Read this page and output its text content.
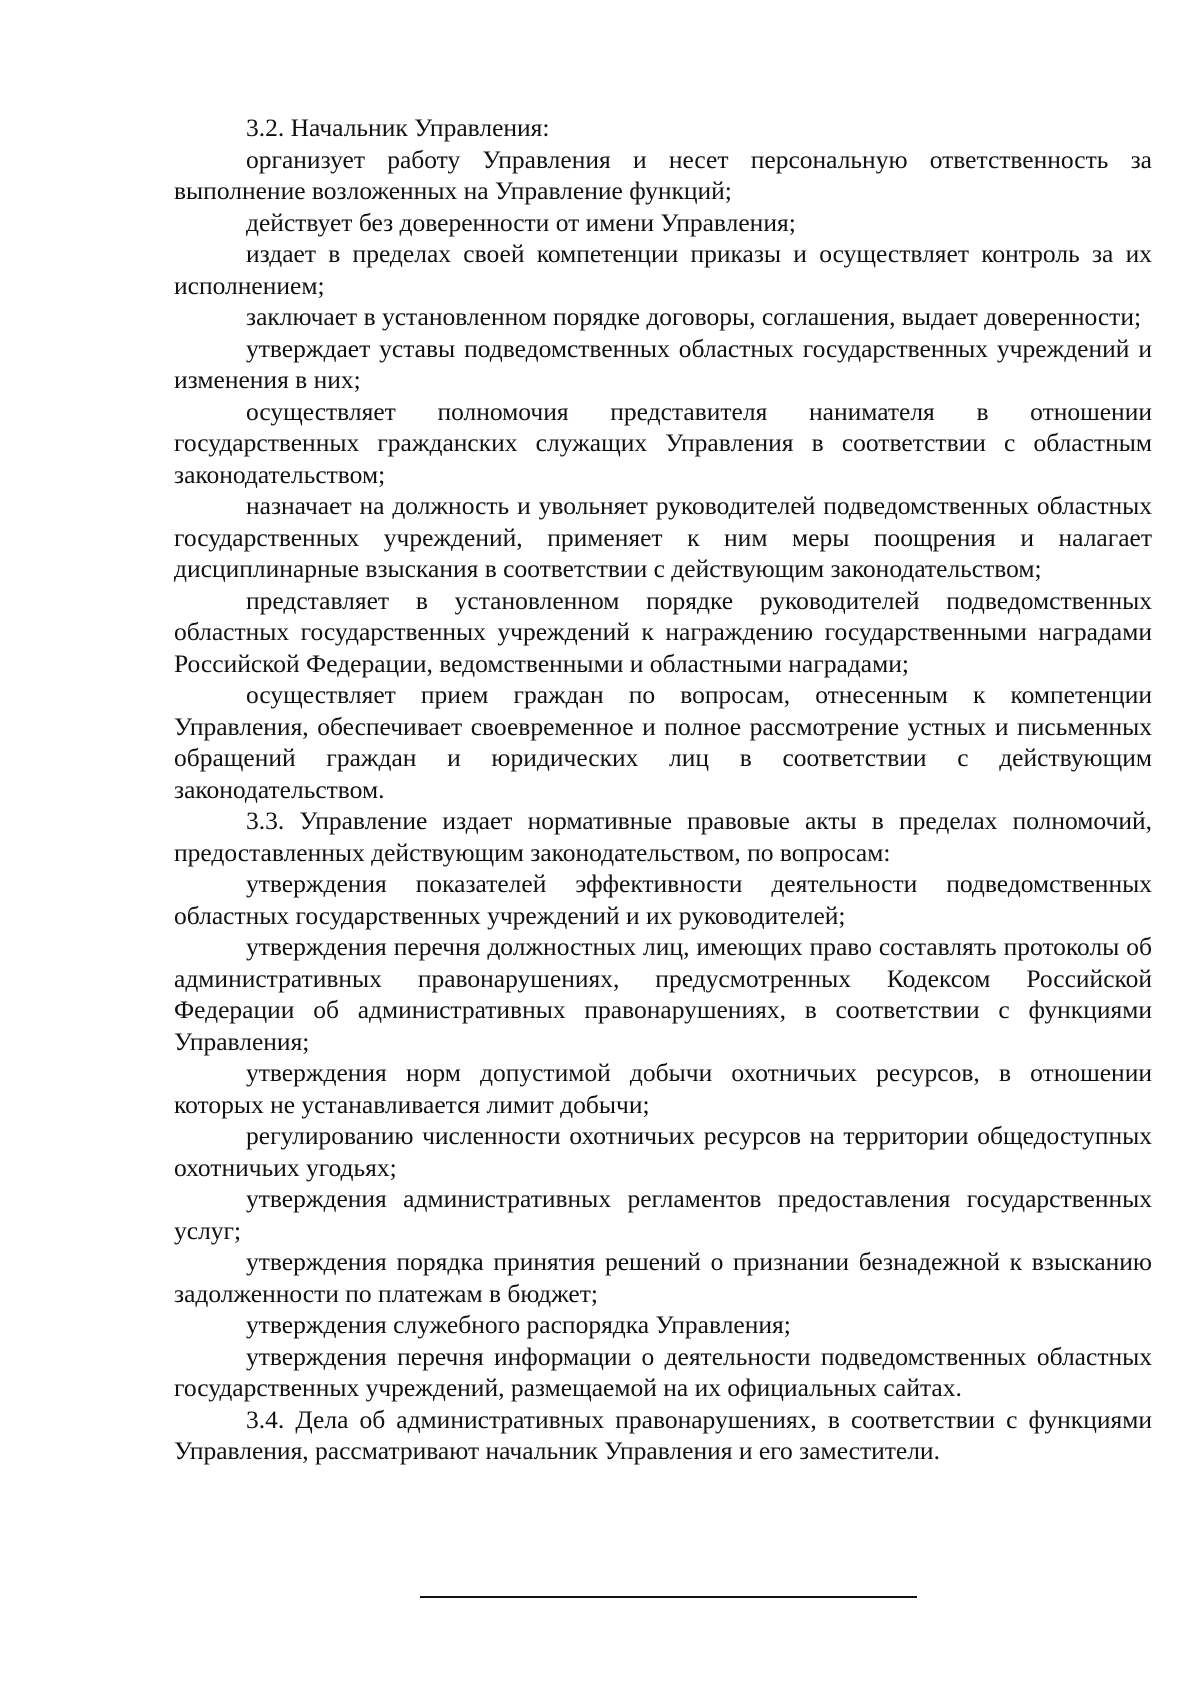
3.2. Начальник Управления:

организует работу Управления и несет персональную ответственность за выполнение возложенных на Управление функций;

действует без доверенности от имени Управления;

издает в пределах своей компетенции приказы и осуществляет контроль за их исполнением;

заключает в установленном порядке договоры, соглашения, выдает доверенности;

утверждает уставы подведомственных областных государственных учреждений и изменения в них;

осуществляет полномочия представителя нанимателя в отношении государственных гражданских служащих Управления в соответствии с областным законодательством;

назначает на должность и увольняет руководителей подведомственных областных государственных учреждений, применяет к ним меры поощрения и налагает дисциплинарные взыскания в соответствии с действующим законодательством;

представляет в установленном порядке руководителей подведомственных областных государственных учреждений к награждению государственными наградами Российской Федерации, ведомственными и областными наградами;

осуществляет прием граждан по вопросам, отнесенным к компетенции Управления, обеспечивает своевременное и полное рассмотрение устных и письменных обращений граждан и юридических лиц в соответствии с действующим законодательством.

3.3. Управление издает нормативные правовые акты в пределах полномочий, предоставленных действующим законодательством, по вопросам:

утверждения показателей эффективности деятельности подведомственных областных государственных учреждений и их руководителей;

утверждения перечня должностных лиц, имеющих право составлять протоколы об административных правонарушениях, предусмотренных Кодексом Российской Федерации об административных правонарушениях, в соответствии с функциями Управления;

утверждения норм допустимой добычи охотничьих ресурсов, в отношении которых не устанавливается лимит добычи;

регулированию численности охотничьих ресурсов на территории общедоступных охотничьих угодьях;

утверждения административных регламентов предоставления государственных услуг;

утверждения порядка принятия решений о признании безнадежной к взысканию задолженности по платежам в бюджет;

утверждения служебного распорядка Управления;

утверждения перечня информации о деятельности подведомственных областных государственных учреждений, размещаемой на их официальных сайтах.

3.4. Дела об административных правонарушениях, в соответствии с функциями Управления, рассматривают начальник Управления и его заместители.
